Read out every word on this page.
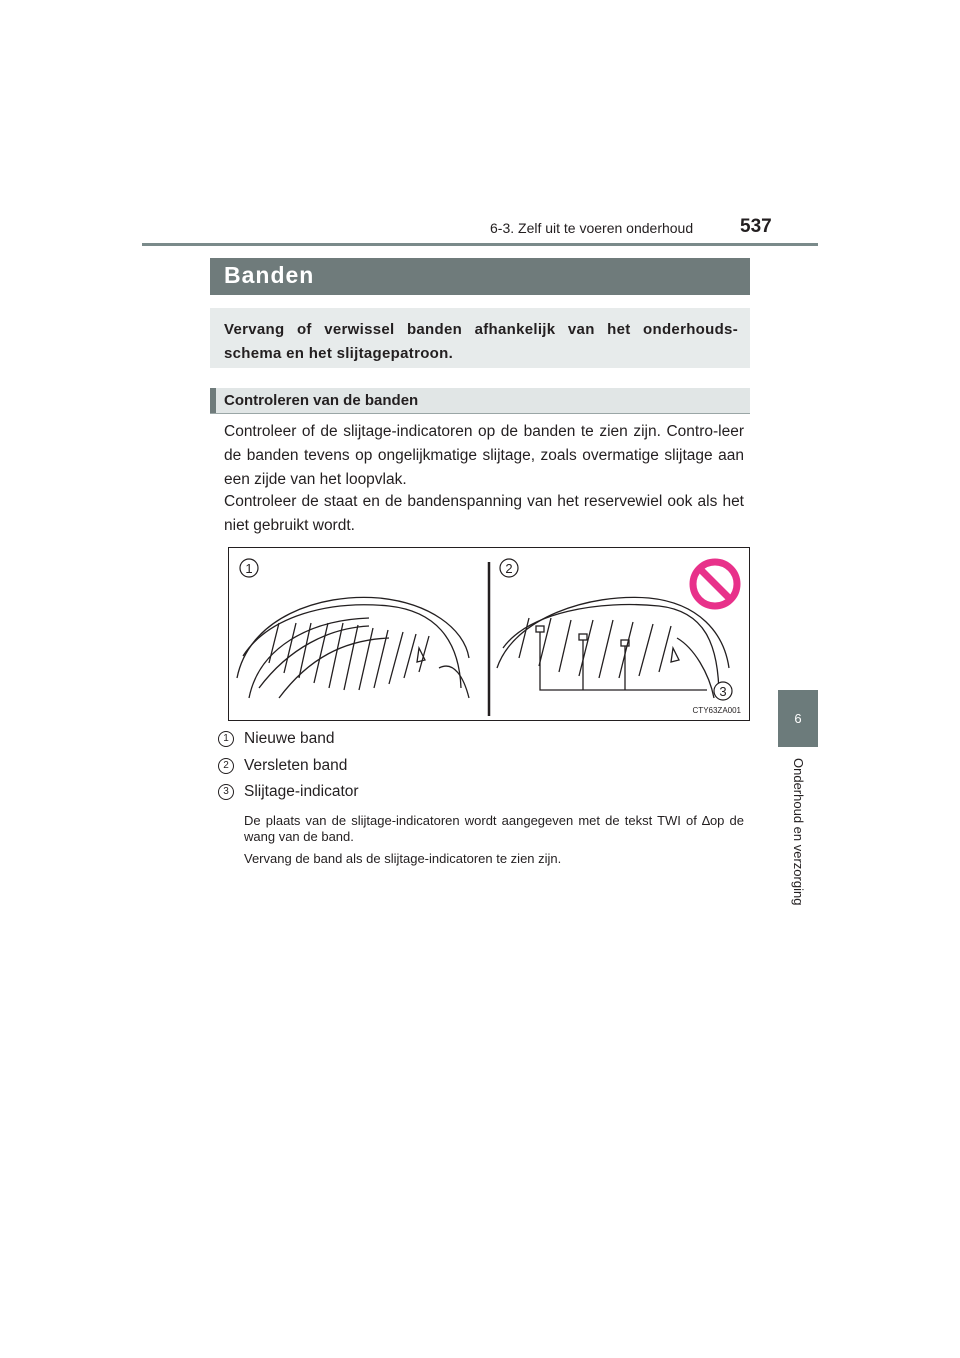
6-3. Zelf uit te voeren onderhoud 537
6
Onderhoud en verzorging
Banden

Vervang of verwissel banden afhankelijk van het onderhouds-schema en het slijtagepatroon.

Controleren van de banden

Controleer of de slijtage-indicatoren op de banden te zien zijn. Contro-leer de banden tevens op ongelijkmatige slijtage, zoals overmatige slijtage aan een zijde van het loopvlak.

Controleer de staat en de bandenspanning van het reservewiel ook als het niet gebruikt wordt.

1	2
3
CTY63ZA001
1 Nieuwe band
2 Versleten band
3 Slijtage-indicator

De plaats van de slijtage-indicatoren wordt aangegeven met de tekst TWI of ∆op de wang van de band.

Vervang de band als de slijtage-indicatoren te zien zijn.
